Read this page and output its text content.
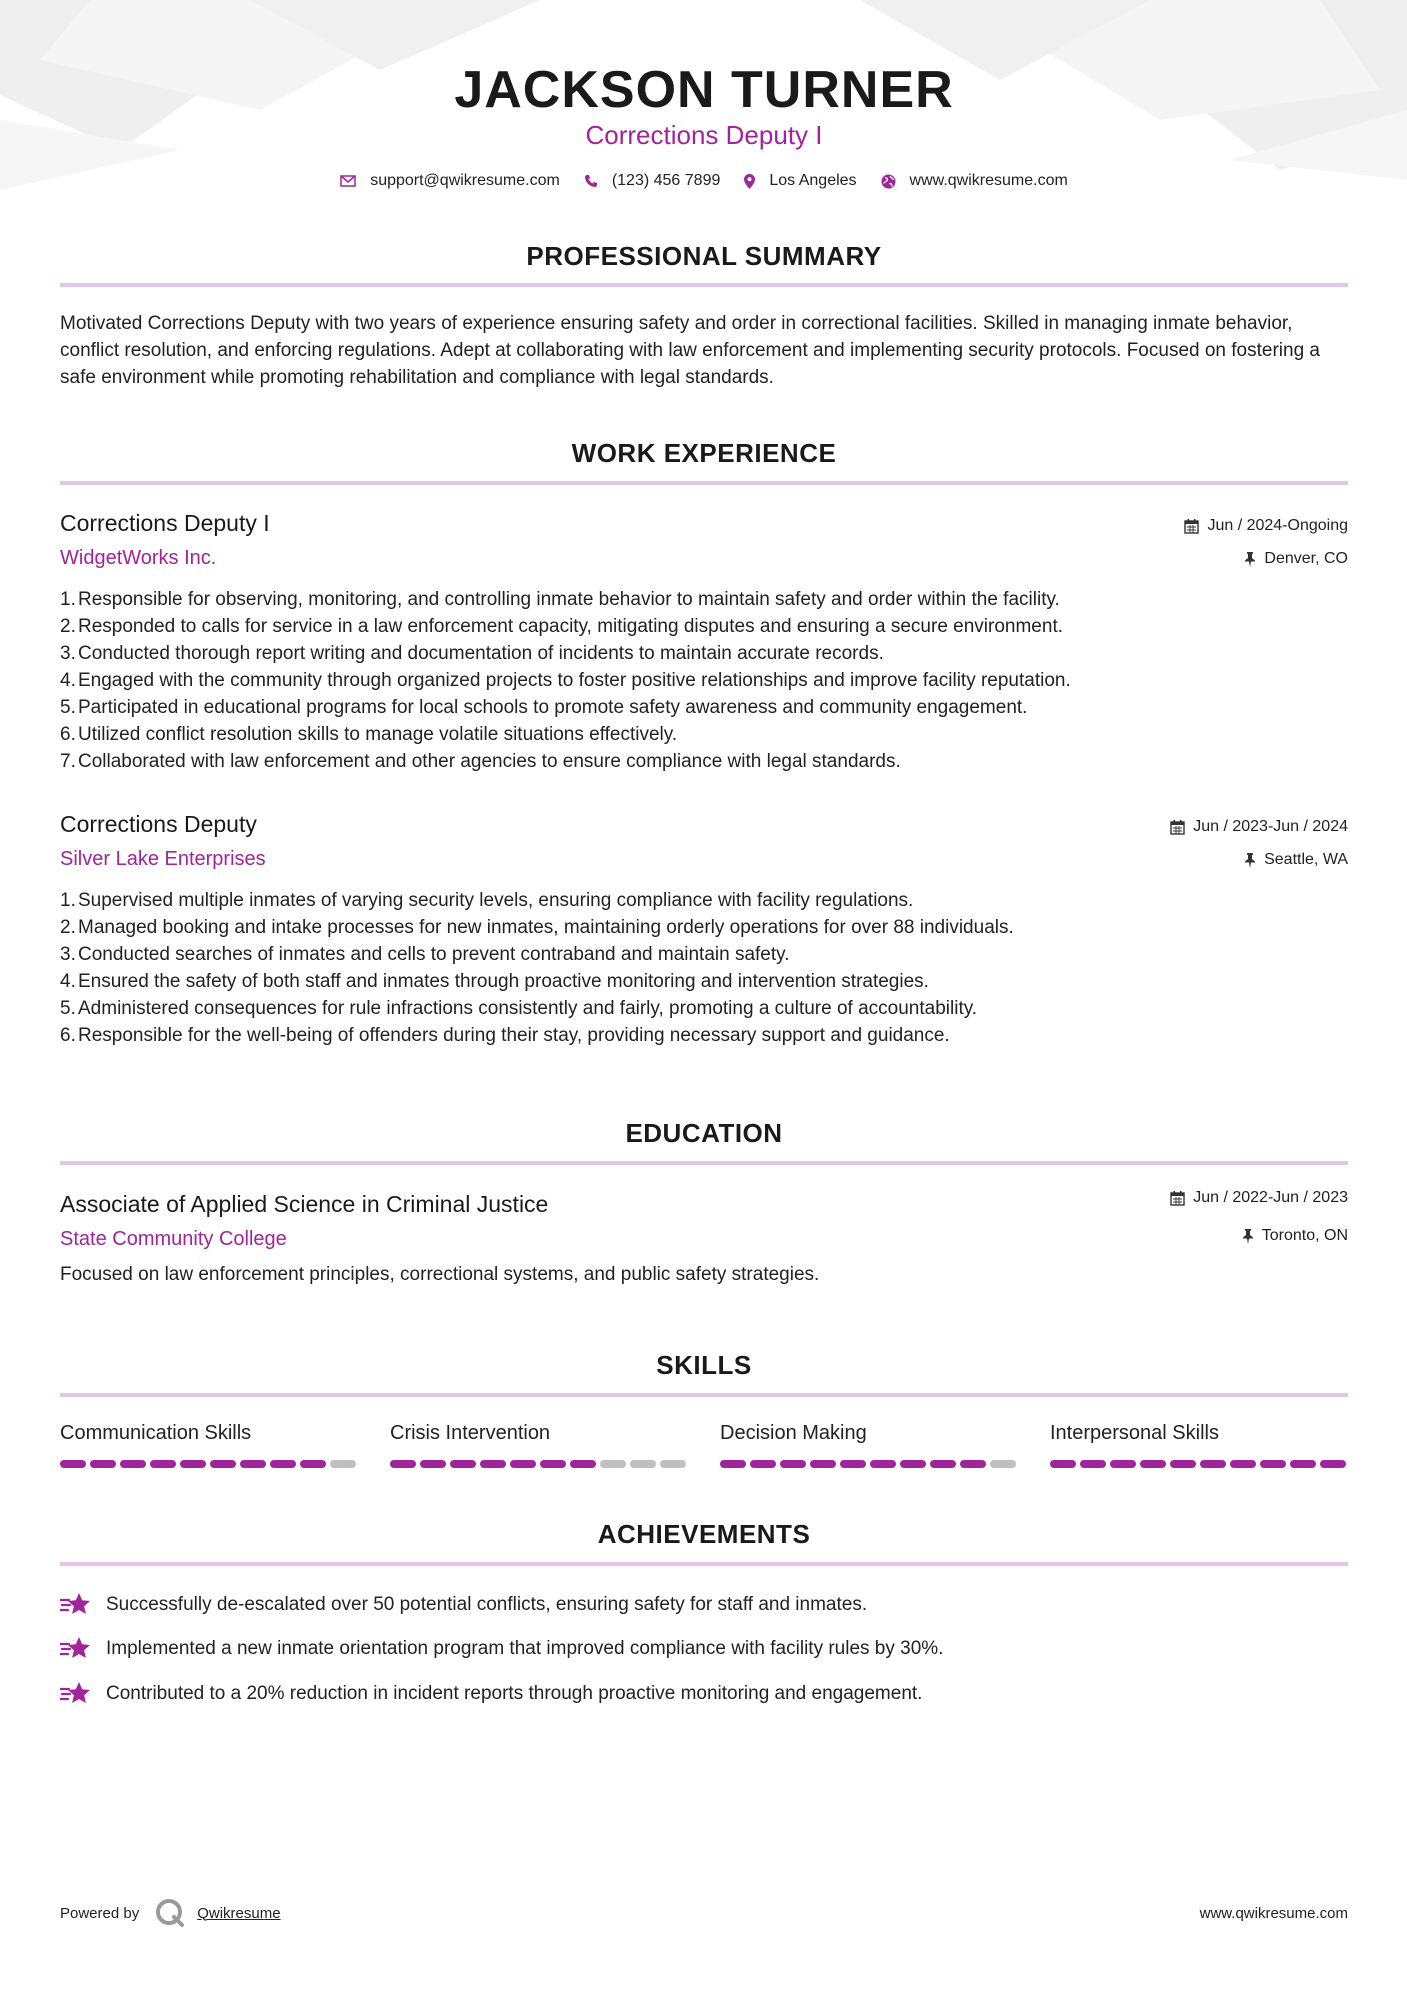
JACKSON TURNER
Corrections Deputy I
support@qwikresume.com	(123) 456 7899	Los Angeles	www.qwikresume.com
PROFESSIONAL SUMMARY

Motivated Corrections Deputy with two years of experience ensuring safety and order in correctional facilities. Skilled in managing inmate behavior, conflict resolution, and enforcing regulations. Adept at collaborating with law enforcement and implementing security protocols. Focused on fostering a safe environment while promoting rehabilitation and compliance with legal standards.

WORK EXPERIENCE
Corrections Deputy I
WidgetWorks Inc.
Jun / 2024-Ongoing
Denver, CO
1. Responsible for observing, monitoring, and controlling inmate behavior to maintain safety and order within the facility.
2. Responded to calls for service in a law enforcement capacity, mitigating disputes and ensuring a secure environment.
3. Conducted thorough report writing and documentation of incidents to maintain accurate records.
4. Engaged with the community through organized projects to foster positive relationships and improve facility reputation.
5. Participated in educational programs for local schools to promote safety awareness and community engagement.
6. Utilized conflict resolution skills to manage volatile situations effectively.
7. Collaborated with law enforcement and other agencies to ensure compliance with legal standards.
Corrections Deputy
Silver Lake Enterprises
Jun / 2023-Jun / 2024
Seattle, WA
1. Supervised multiple inmates of varying security levels, ensuring compliance with facility regulations.
2. Managed booking and intake processes for new inmates, maintaining orderly operations for over 88 individuals.
3. Conducted searches of inmates and cells to prevent contraband and maintain safety.
4. Ensured the safety of both staff and inmates through proactive monitoring and intervention strategies.
5. Administered consequences for rule infractions consistently and fairly, promoting a culture of accountability.
6. Responsible for the well-being of offenders during their stay, providing necessary support and guidance.
EDUCATION
Associate of Applied Science in Criminal Justice
State Community College
Jun / 2022-Jun / 2023
Toronto, ON

Focused on law enforcement principles, correctional systems, and public safety strategies.

SKILLS
Communication Skills	Crisis Intervention	Decision Making	Interpersonal Skills
ACHIEVEMENTS
Successfully de-escalated over 50 potential conflicts, ensuring safety for staff and inmates.
Implemented a new inmate orientation program that improved compliance with facility rules by 30%.
Contributed to a 20% reduction in incident reports through proactive monitoring and engagement.
Powered by	Qwikresume	www.qwikresume.com
